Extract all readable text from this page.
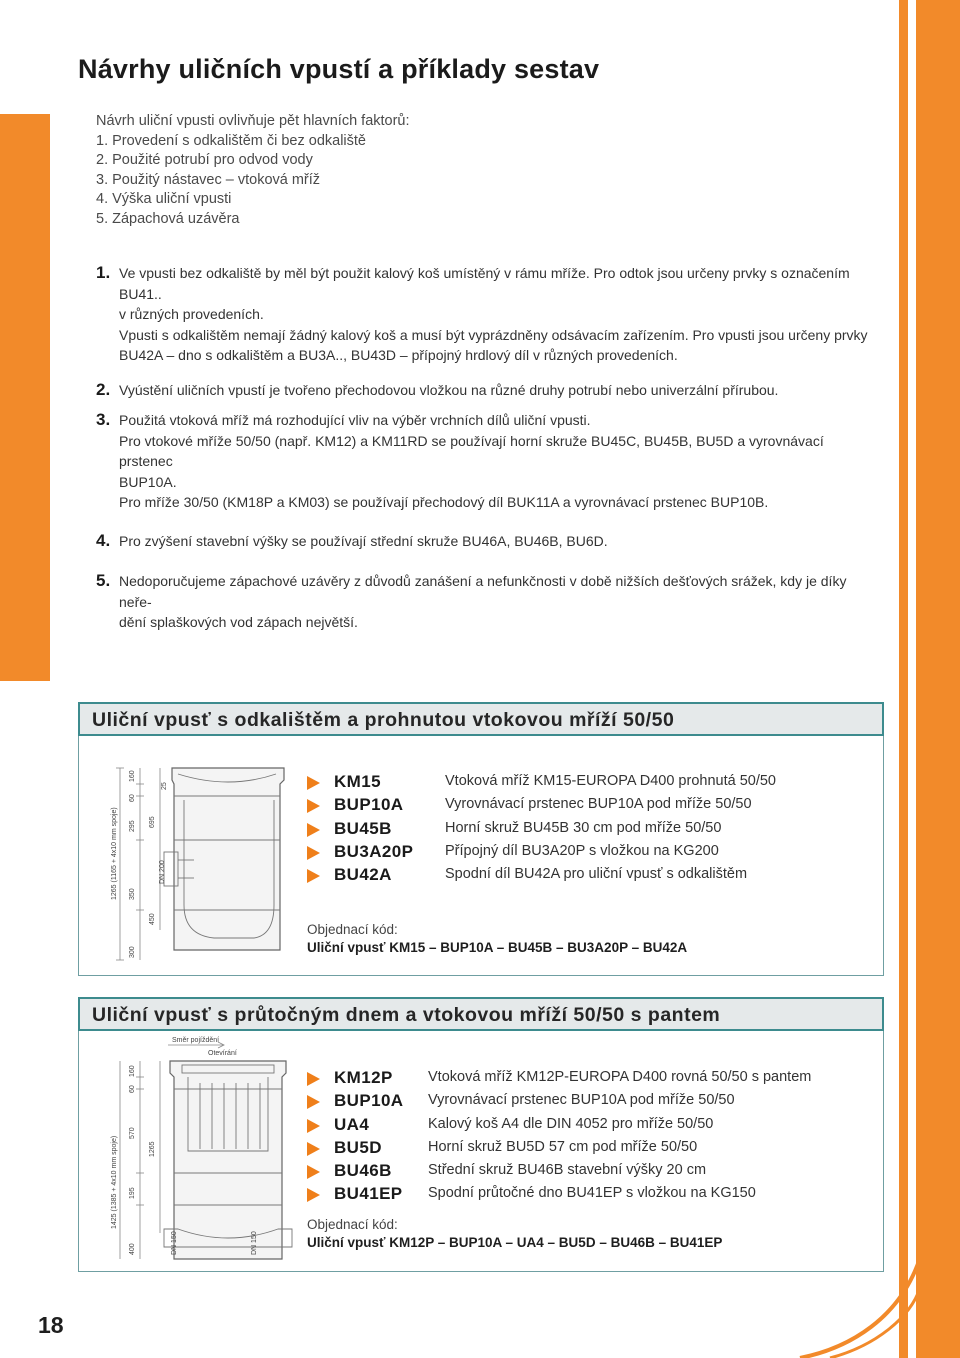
18
Návrhy uličních vpustí a příklady sestav
Návrh uliční vpusti ovlivňuje pět hlavních faktorů:
1. Provedení s odkalištěm či bez odkaliště
2. Použité potrubí pro odvod vody
3. Použitý nástavec – vtoková mříž
4. Výška uliční vpusti
5. Zápachová uzávěra
1. Ve vpusti bez odkaliště by měl být použit kalový koš umístěný v rámu mříže. Pro odtok jsou určeny prvky s označením BU41..

v různých provedeních.

Vpusti s odkalištěm nemají žádný kalový koš a musí být vyprázdněny odsávacím zařízením. Pro vpusti jsou určeny prvky

BU42A – dno s odkalištěm a BU3A.., BU43D – přípojný hrdlový díl v různých provedeních.

2. Vyústění uličních vpustí je tvořeno přechodovou vložkou na různé druhy potrubí nebo univerzální přírubou.

3. Použitá vtoková mříž má rozhodující vliv na výběr vrchních dílů uliční vpusti.

Pro vtokové mříže 50/50 (např. KM12) a KM11RD se používají horní skruže BU45C, BU45B, BU5D a vyrovnávací prstenec

BUP10A.

Pro mříže 30/50 (KM18P a KM03) se používají přechodový díl BUK11A a vyrovnávací prstenec BUP10B.

4. Pro zvýšení stavební výšky se používají střední skruže BU46A, BU46B, BU6D.

5. Nedoporučujeme zápachové uzávěry z důvodů zanášení a nefunkčnosti v době nižších dešťových srážek, kdy je díky neře-

dění splaškových vod zápach největší.

Uliční vpusť s odkalištěm a prohnutou vtokovou mříží 50/50
1265 (1165 + 4x10 mm spoje)
300
350
295
60
160
450
695
25
DN 200
KM15	Vtoková mříž KM15-EUROPA D400 prohnutá 50/50
BUP10A	Vyrovnávací prstenec BUP10A pod mříže 50/50
BU45B	Horní skruž BU45B 30 cm pod mříže 50/50
BU3A20P Přípojný díl BU3A20P s vložkou na KG200
BU42A	Spodní díl BU42A pro uliční vpusť s odkalištěm
Objednací kód:
Uliční vpusť KM15 – BUP10A – BU45B – BU3A20P – BU42A
Uliční vpusť s průtočným dnem a vtokovou mříží 50/50 s pantem
Směr pojíždění
Otevírání
1425 (1385 + 4x10 mm spoje)
400
195
570
60
160
1265
DN 150	DN 150
KM12P Vtoková mříž KM12P-EUROPA D400 rovná 50/50 s pantem
BUP10A Vyrovnávací prstenec BUP10A pod mříže 50/50
UA4	Kalový koš A4 dle DIN 4052 pro mříže 50/50
BU5D	Horní skruž BU5D 57 cm pod mříže 50/50
BU46B	Střední skruž BU46B stavební výšky 20 cm
BU41EP Spodní průtočné dno BU41EP s vložkou na KG150
Objednací kód:
Uliční vpusť KM12P – BUP10A – UA4 – BU5D – BU46B – BU41EP
